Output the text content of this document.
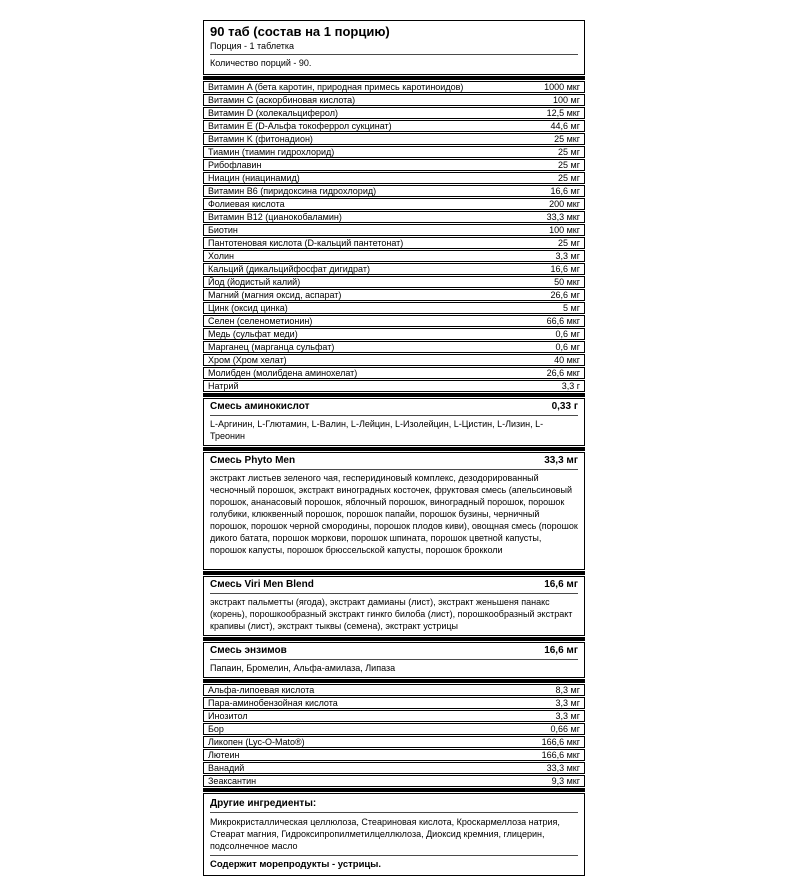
90 таб (состав на 1 порцию)
Порция - 1 таблетка
Количество порций - 90.
Витамин A (бета каротин, природная примесь каротиноидов)	1000 мкг
Витамин C (аскорбиновая кислота)	100 мг
Витамин D (холекальциферол)	12,5 мкг
Витамин E (D-Альфа токоферрол сукцинат)	44,6 мг
Витамин K (фитонадион)	25 мкг
Тиамин (тиамин гидрохлорид)	25 мг
Рибофлавин	25 мг
Ниацин (ниацинамид)	25 мг
Витамин B6 (пиридоксина гидрохлорид)	16,6 мг
Фолиевая кислота	200 мкг
Витамин B12 (цианокобаламин)	33,3 мкг
Биотин	100 мкг
Пантотеновая кислота (D-кальций пантетонат)	25 мг
Холин	3,3 мг
Кальций (дикальцийфосфат дигидрат)	16,6 мг
Йод (йодистый калий)	50 мкг
Магний (магния оксид, аспарат)	26,6 мг
Цинк (оксид цинка)	5 мг
Селен (селенометионин)	66,6 мкг
Медь (сульфат меди)	0,6 мг
Марганец (марганца сульфат)	0,6 мг
Хром (Хром хелат)	40 мкг
Молибден (молибдена аминохелат)	26,6 мкг
Натрий	3,3 г
Смесь аминокислот	0,33 г
L-Аргинин, L-Глютамин, L-Валин, L-Лейцин, L-Изолейцин, L-Цистин, L-Лизин, L-Треонин
Смесь Phyto Men	33,3 мг
экстракт листьев зеленого чая, гесперидиновый комплекс, дезодорированный чесночный порошок, экстракт виноградных косточек, фруктовая смесь (апельсиновый порошок, ананасовый порошок, яблочный порошок, виноградный порошок, порошок голубики, клюквенный порошок, порошок папайи, порошок бузины, черничный порошок, порошок черной смородины, порошок плодов киви), овощная смесь (порошок дикого батата, порошок моркови, порошок шпината, порошок цветной капусты, порошок капусты, порошок брюссельской капусты, порошок брокколи
Смесь Viri Men Blend	16,6 мг
экстракт пальметты (ягода), экстракт дамианы (лист), экстракт женьшеня панакс (корень), порошкообразный экстракт гинкго билоба (лист), порошкообразный экстракт крапивы (лист), экстракт тыквы (семена), экстракт устрицы
Смесь энзимов	16,6 мг
Папаин, Бромелин, Альфа-амилаза, Липаза
Альфа-липоевая кислота	8,3 мг
Пара-аминобензойная кислота	3,3 мг
Инозитол	3,3 мг
Бор	0,66 мг
Ликопен (Lyc-O-Mato®)	166,6 мкг
Лютеин	166,6 мкг
Ванадий	33,3 мкг
Зеаксантин	9,3 мкг
Другие ингредиенты:
Микрокристаллическая целлюлоза, Стеариновая кислота, Кроскармеллоза натрия, Стеарат магния, Гидроксипропилметилцеллюлоза, Диоксид кремния, глицерин, подсолнечное масло
Содержит морепродукты - устрицы.
